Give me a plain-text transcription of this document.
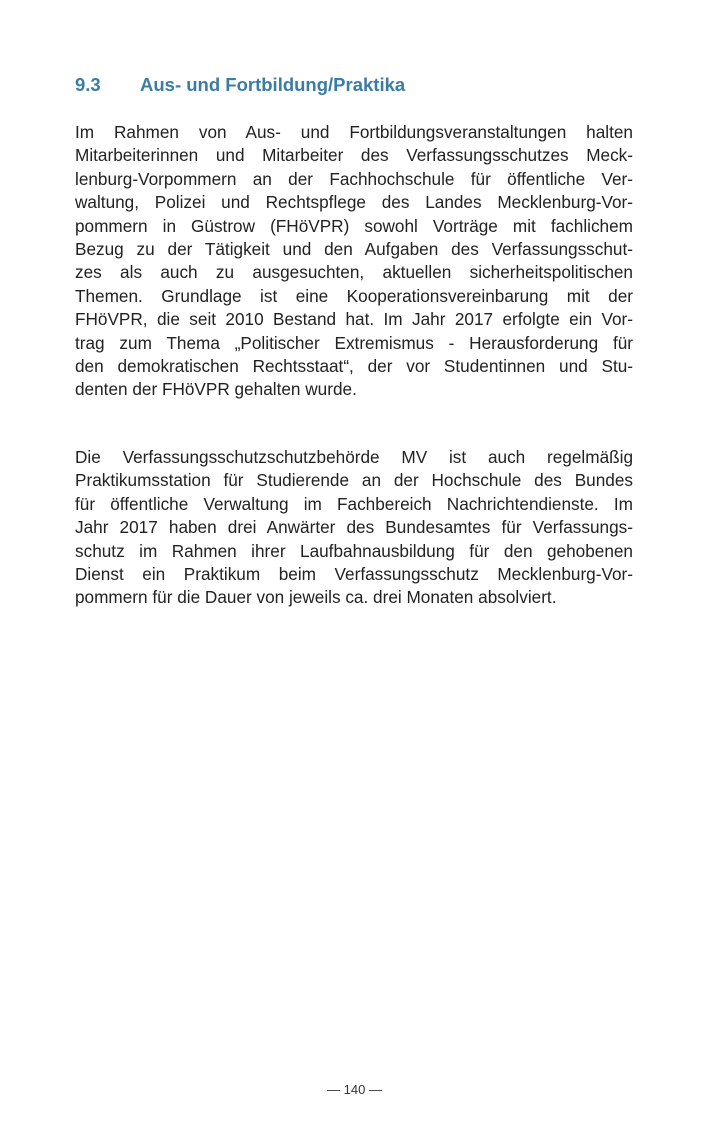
9.3 Aus- und Fortbildung/Praktika
Im Rahmen von Aus- und Fortbildungsveranstaltungen halten
Mitarbeiterinnen und Mitarbeiter des Verfassungsschutzes Meck-
lenburg-Vorpommern an der Fachhochschule für öffentliche Ver-
waltung, Polizei und Rechtspflege des Landes Mecklenburg-Vor-
pommern in Güstrow (FHöVPR) sowohl Vorträge mit fachlichem
Bezug zu der Tätigkeit und den Aufgaben des Verfassungsschut-
zes als auch zu ausgesuchten, aktuellen sicherheitspolitischen
Themen. Grundlage ist eine Kooperationsvereinbarung mit der
FHöVPR, die seit 2010 Bestand hat. Im Jahr 2017 erfolgte ein Vor-
trag zum Thema „Politischer Extremismus - Herausforderung für
den demokratischen Rechtsstaat“, der vor Studentinnen und Stu-
denten der FHöVPR gehalten wurde.
Die Verfassungsschutzschutzbehörde MV ist auch regelmäßig
Praktikumsstation für Studierende an der Hochschule des Bundes
für öffentliche Verwaltung im Fachbereich Nachrichtendienste. Im
Jahr 2017 haben drei Anwärter des Bundesamtes für Verfassungs-
schutz im Rahmen ihrer Laufbahnausbildung für den gehobenen
Dienst ein Praktikum beim Verfassungsschutz Mecklenburg-Vor-
pommern für die Dauer von jeweils ca. drei Monaten absolviert.
— 140 —
